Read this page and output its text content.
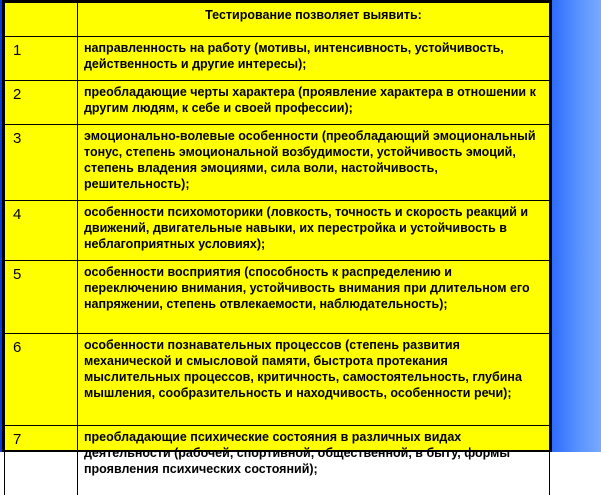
	Тестирование позволяет выявить:
1	направленность на работу (мотивы, интенсивность, устойчивость, действенность и другие интересы);
2	преобладающие черты характера (проявление характера в отношении к другим людям, к себе и своей профессии);
3	эмоционально-волевые особенности (преобладающий эмоциональный тонус, степень эмоциональной возбудимости, устойчивость эмоций, степень владения эмоциями, сила воли, настойчивость, решительность);
4	особенности психомоторики (ловкость, точность и скорость реакций и движений, двигательные навыки, их перестройка и устойчивость в неблагоприятных условиях);
5	особенности восприятия (способность к распределению и переключению внимания, устойчивость внимания при длительном его напряжении, степень отвлекаемости, наблюдательность);
6	особенности познавательных процессов (степень развития механической и смысловой памяти, быстрота протекания мыслительных процессов, критичность, самостоятельность, глубина мышления, сообразительность и находчивость, особенности речи);
7	преобладающие психические состояния в различных видах деятельности (рабочей, спортивной, общественной, в быту, формы проявления психических состояний);
